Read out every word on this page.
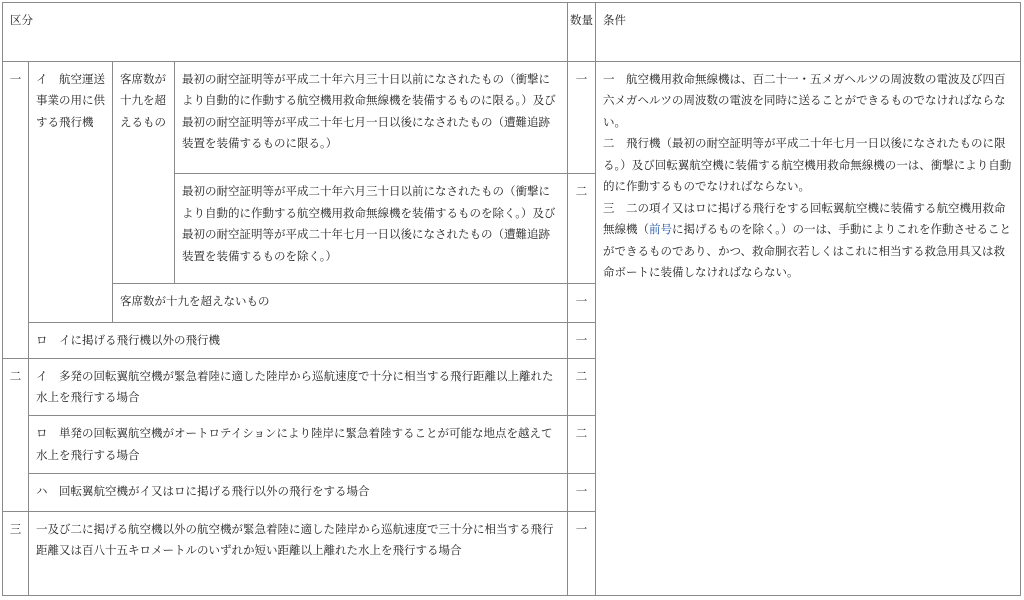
区分				数量	条件
一	イ　航空運送事業の用に供する飛行機	客席数が十九を超えるもの	最初の耐空証明等が平成二十年六月三十日以前になされたもの（衝撃により自動的に作動する航空機用救命無線機を装備するものに限る。）及び最初の耐空証明等が平成二十年七月一日以後になされたもの（遭難追跡装置を装備するものに限る。）	一	一　航空機用救命無線機は、百二十一・五メガヘルツの周波数の電波及び四百六メガヘルツの周波数の電波を同時に送ることができるものでなければならない。
二　飛行機（最初の耐空証明等が平成二十年七月一日以後になされたものに限る。）及び回転翼航空機に装備する航空機用救命無線機の一は、衝撃により自動的に作動するものでなければならない。
三　二の項イ又はロに掲げる飛行をする回転翼航空機に装備する航空機用救命無線機（前号に掲げるものを除く。）の一は、手動によりこれを作動させることができるものであり、かつ、救命胴衣若しくはこれに相当する救急用具又は救命ボートに装備しなければならない。

			最初の耐空証明等が平成二十年六月三十日以前になされたもの（衝撃により自動的に作動する航空機用救命無線機を装備するものを除く。）及び最初の耐空証明等が平成二十年七月一日以後になされたもの（遭難追跡装置を装備するものを除く。）	二	
		客席数が十九を超えないもの		一	
	ロ　イに掲げる飛行機以外の飛行機			一	
二	イ　多発の回転翼航空機が緊急着陸に適した陸岸から巡航速度で十分に相当する飛行距離以上離れた水上を飛行する場合			二	
	ロ　単発の回転翼航空機がオートロテイションにより陸岸に緊急着陸することが可能な地点を越えて水上を飛行する場合			二	
	ハ　回転翼航空機がイ又はロに掲げる飛行以外の飛行をする場合			一	
三	一及び二に掲げる航空機以外の航空機が緊急着陸に適した陸岸から巡航速度で三十分に相当する飛行距離又は百八十五キロメートルのいずれか短い距離以上離れた水上を飛行する場合			一	
